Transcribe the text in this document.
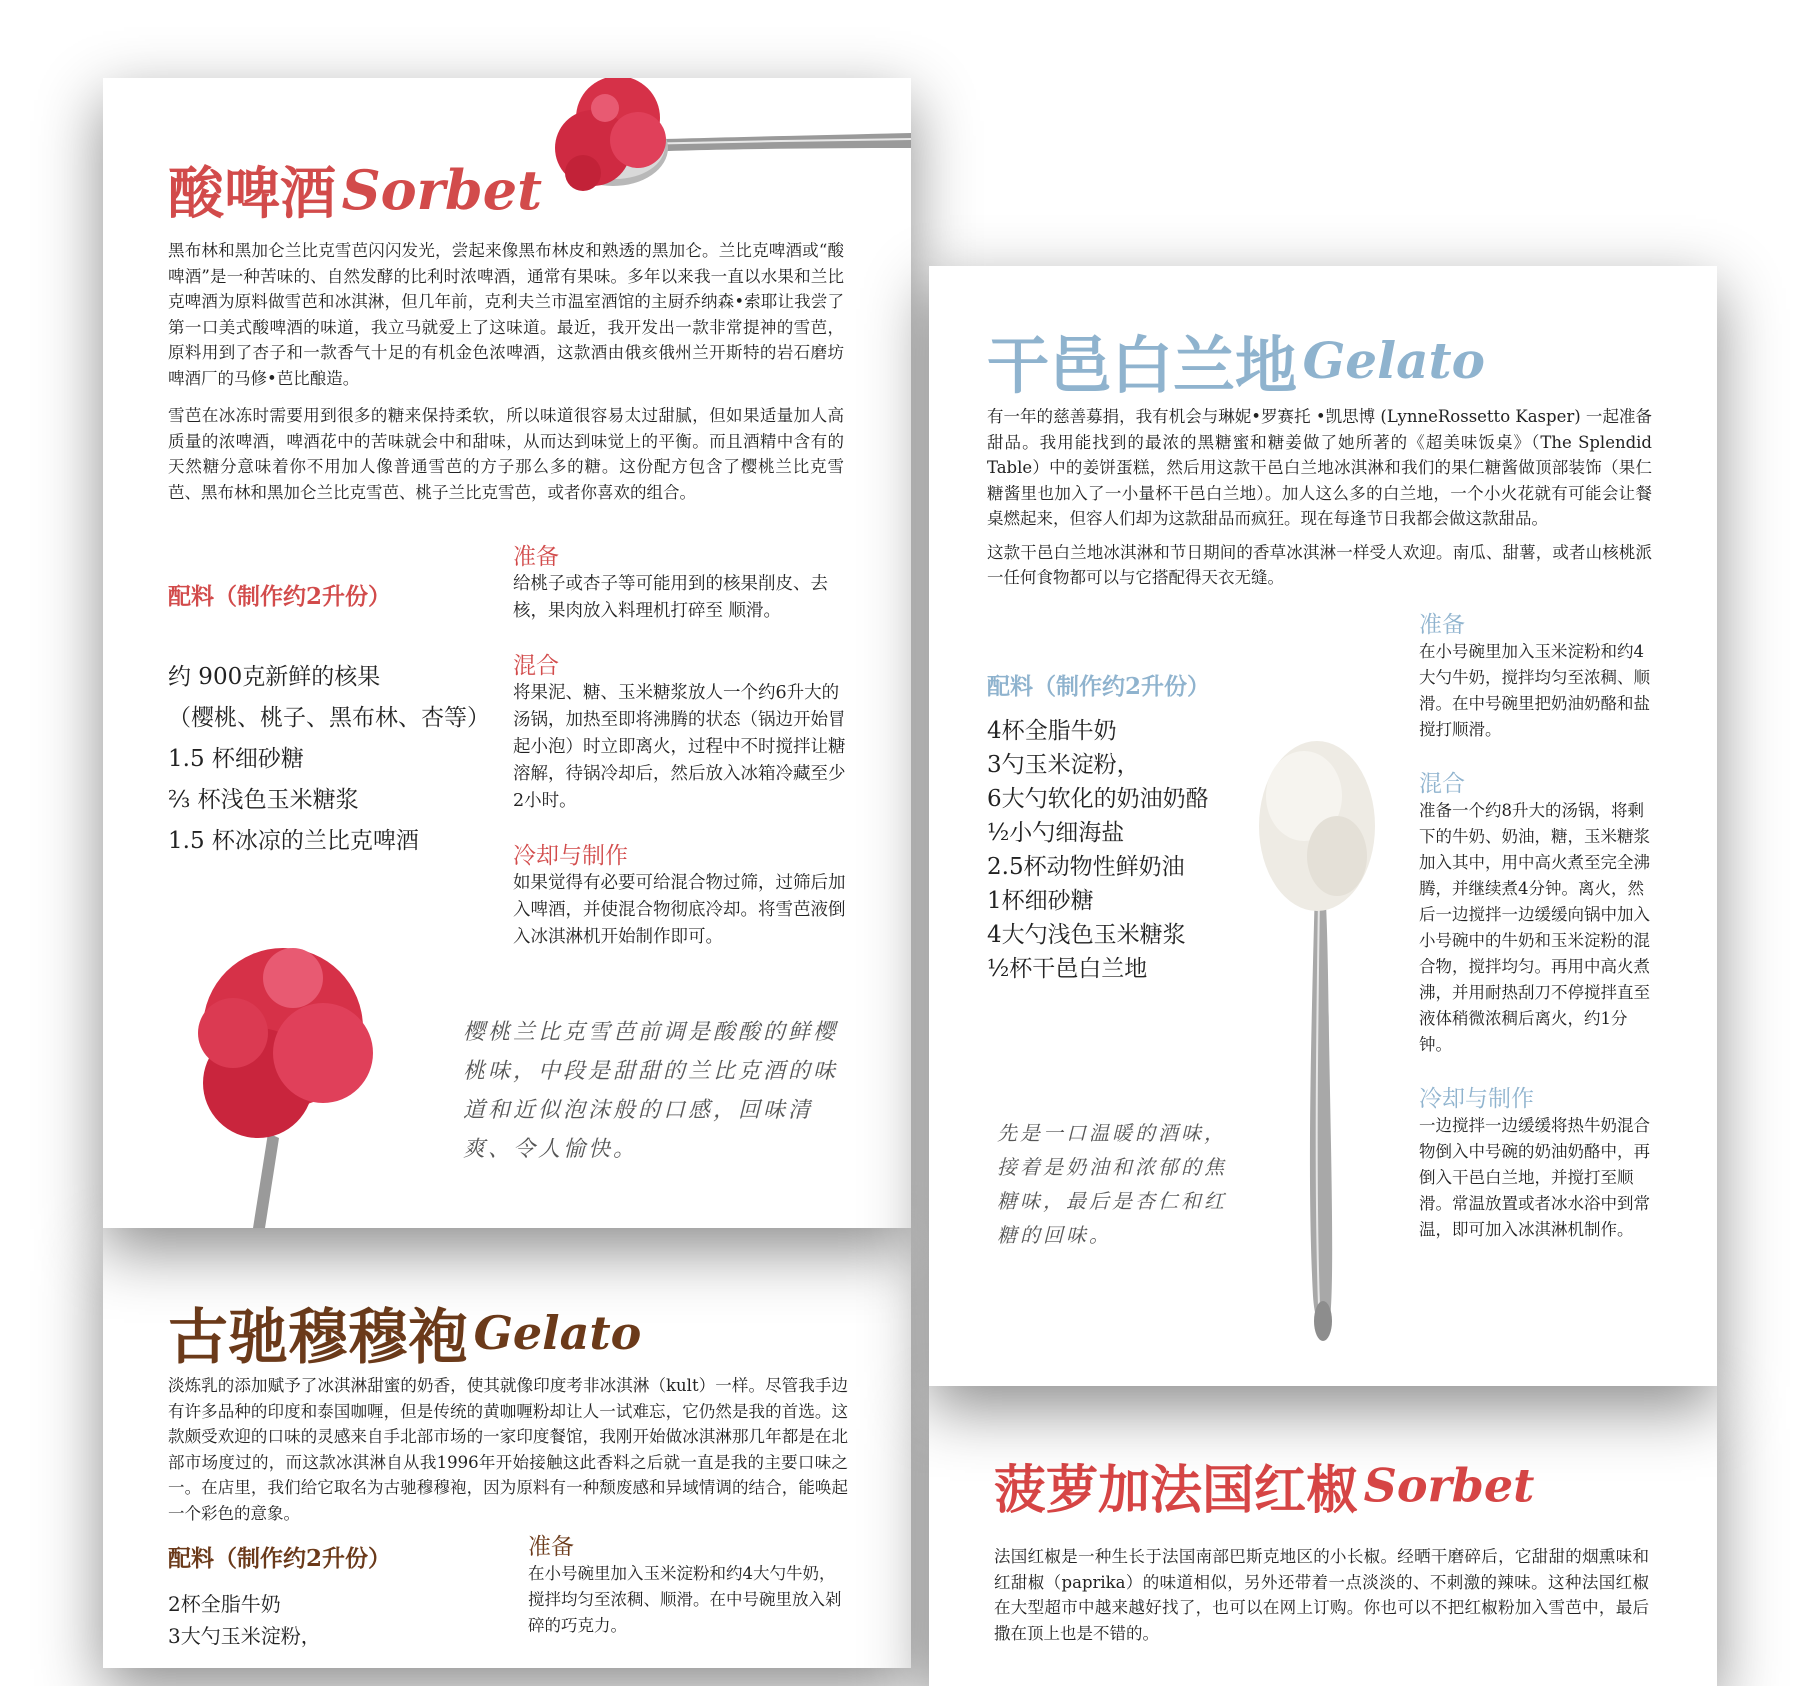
酸啤酒 Sorbet

黑布林和黑加仑兰比克雪芭闪闪发光，尝起来像黑布林皮和熟透的黑加仑。兰比克啤酒或“酸啤酒”是一种苦味的、自然发酵的比利时浓啤酒，通常有果味。多年以来我一直以水果和兰比克啤酒为原料做雪芭和冰淇淋，但几年前，克利夫兰市温室酒馆的主厨乔纳森•索耶让我尝了第一口美式酸啤酒的味道，我立马就爱上了这味道。最近，我开发出一款非常提神的雪芭，原料用到了杏子和一款香气十足的有机金色浓啤酒，这款酒由俄亥俄州兰开斯特的岩石磨坊啤酒厂的马修•芭比酿造。

雪芭在冰冻时需要用到很多的糖来保持柔软，所以味道很容易太过甜腻，但如果适量加人高质量的浓啤酒，啤酒花中的苦味就会中和甜味，从而达到味觉上的平衡。而且酒精中含有的天然糖分意味着你不用加人像普通雪芭的方子那么多的糖。这份配方包含了樱桃兰比克雪芭、黑布林和黑加仑兰比克雪芭、桃子兰比克雪芭，或者你喜欢的组合。

配料（制作约2升份）
约 900克新鲜的核果
（樱桃、桃子、黑布林、杏等）
1.5 杯细砂糖
⅔ 杯浅色玉米糖浆
1.5 杯冰凉的兰比克啤酒
准备
给桃子或杏子等可能用到的核果削皮、去核，果肉放入料理机打碎至 顺滑。
混合
将果泥、糖、玉米糖浆放人一个约6升大的汤锅，加热至即将沸腾的状态（锅边开始冒起小泡）时立即离火，过程中不时搅拌让糖溶解，待锅冷却后，然后放入冰箱冷藏至少2小时。
冷却与制作
如果觉得有必要可给混合物过筛，过筛后加入啤酒，并使混合物彻底冷却。将雪芭液倒入冰淇淋机开始制作即可。
樱桃兰比克雪芭前调是酸酸的鲜樱桃味，中段是甜甜的兰比克酒的味道和近似泡沫般的口感，回味清爽、令人愉快。
干邑白兰地 Gelato

有一年的慈善募捐，我有机会与琳妮•罗赛托 •凯思博 (LynneRossetto Kasper) 一起准备甜品。我用能找到的最浓的黑糖蜜和糖姜做了她所著的《超美味饭桌》（The Splendid Table）中的姜饼蛋糕，然后用这款干邑白兰地冰淇淋和我们的果仁糖酱做顶部装饰（果仁糖酱里也加入了一小量杯干邑白兰地）。加人这么多的白兰地，一个小火花就有可能会让餐桌燃起来，但容人们却为这款甜品而疯狂。现在每逢节日我都会做这款甜品。

这款干邑白兰地冰淇淋和节日期间的香草冰淇淋一样受人欢迎。南瓜、甜薯，或者山核桃派一任何食物都可以与它搭配得天衣无缝。

配料（制作约2升份）
4杯全脂牛奶
3勺玉米淀粉，
6大勺软化的奶油奶酪
½小勺细海盐
2.5杯动物性鲜奶油
1杯细砂糖
4大勺浅色玉米糖浆
½杯干邑白兰地
先是一口温暖的酒味，接着是奶油和浓郁的焦糖味，最后是杏仁和红糖的回味。
准备
在小号碗里加入玉米淀粉和约4大勺牛奶，搅拌均匀至浓稠、顺滑。在中号碗里把奶油奶酪和盐搅打顺滑。
混合
准备一个约8升大的汤锅，将剩下的牛奶、奶油，糖，玉米糖浆加入其中，用中高火煮至完全沸腾，并继续煮4分钟。离火，然后一边搅拌一边缓缓向锅中加入小号碗中的牛奶和玉米淀粉的混合物，搅拌均匀。再用中高火煮沸，并用耐热刮刀不停搅拌直至液体稍微浓稠后离火，约1分钟。
冷却与制作
一边搅拌一边缓缓将热牛奶混合物倒入中号碗的奶油奶酪中，再倒入干邑白兰地，并搅打至顺滑。常温放置或者冰水浴中到常温，即可加入冰淇淋机制作。
古驰穆穆袍 Gelato
淡炼乳的添加赋予了冰淇淋甜蜜的奶香，使其就像印度考非冰淇淋（kult）一样。尽管我手边有许多品种的印度和泰国咖喱，但是传统的黄咖喱粉却让人一试难忘，它仍然是我的首选。这款颇受欢迎的口味的灵感来自手北部市场的一家印度餐馆，我刚开始做冰淇淋那几年都是在北部市场度过的，而这款冰淇淋自从我1996年开始接触这此香料之后就一直是我的主要口味之一。在店里，我们给它取名为古驰穆穆袍，因为原料有一种颓废感和异域情调的结合，能唤起一个彩色的意象。
配料（制作约2升份）
2杯全脂牛奶
3大勺玉米淀粉，
准备
在小号碗里加入玉米淀粉和约4大勺牛奶，搅拌均匀至浓稠、顺滑。在中号碗里放入剁碎的巧克力。
菠萝加法国红椒 Sorbet
法国红椒是一种生长于法国南部巴斯克地区的小长椒。经晒干磨碎后，它甜甜的烟熏味和红甜椒（paprika）的味道相似，另外还带着一点淡淡的、不刺激的辣味。这种法国红椒在大型超市中越来越好找了，也可以在网上订购。你也可以不把红椒粉加入雪芭中，最后撒在顶上也是不错的。
